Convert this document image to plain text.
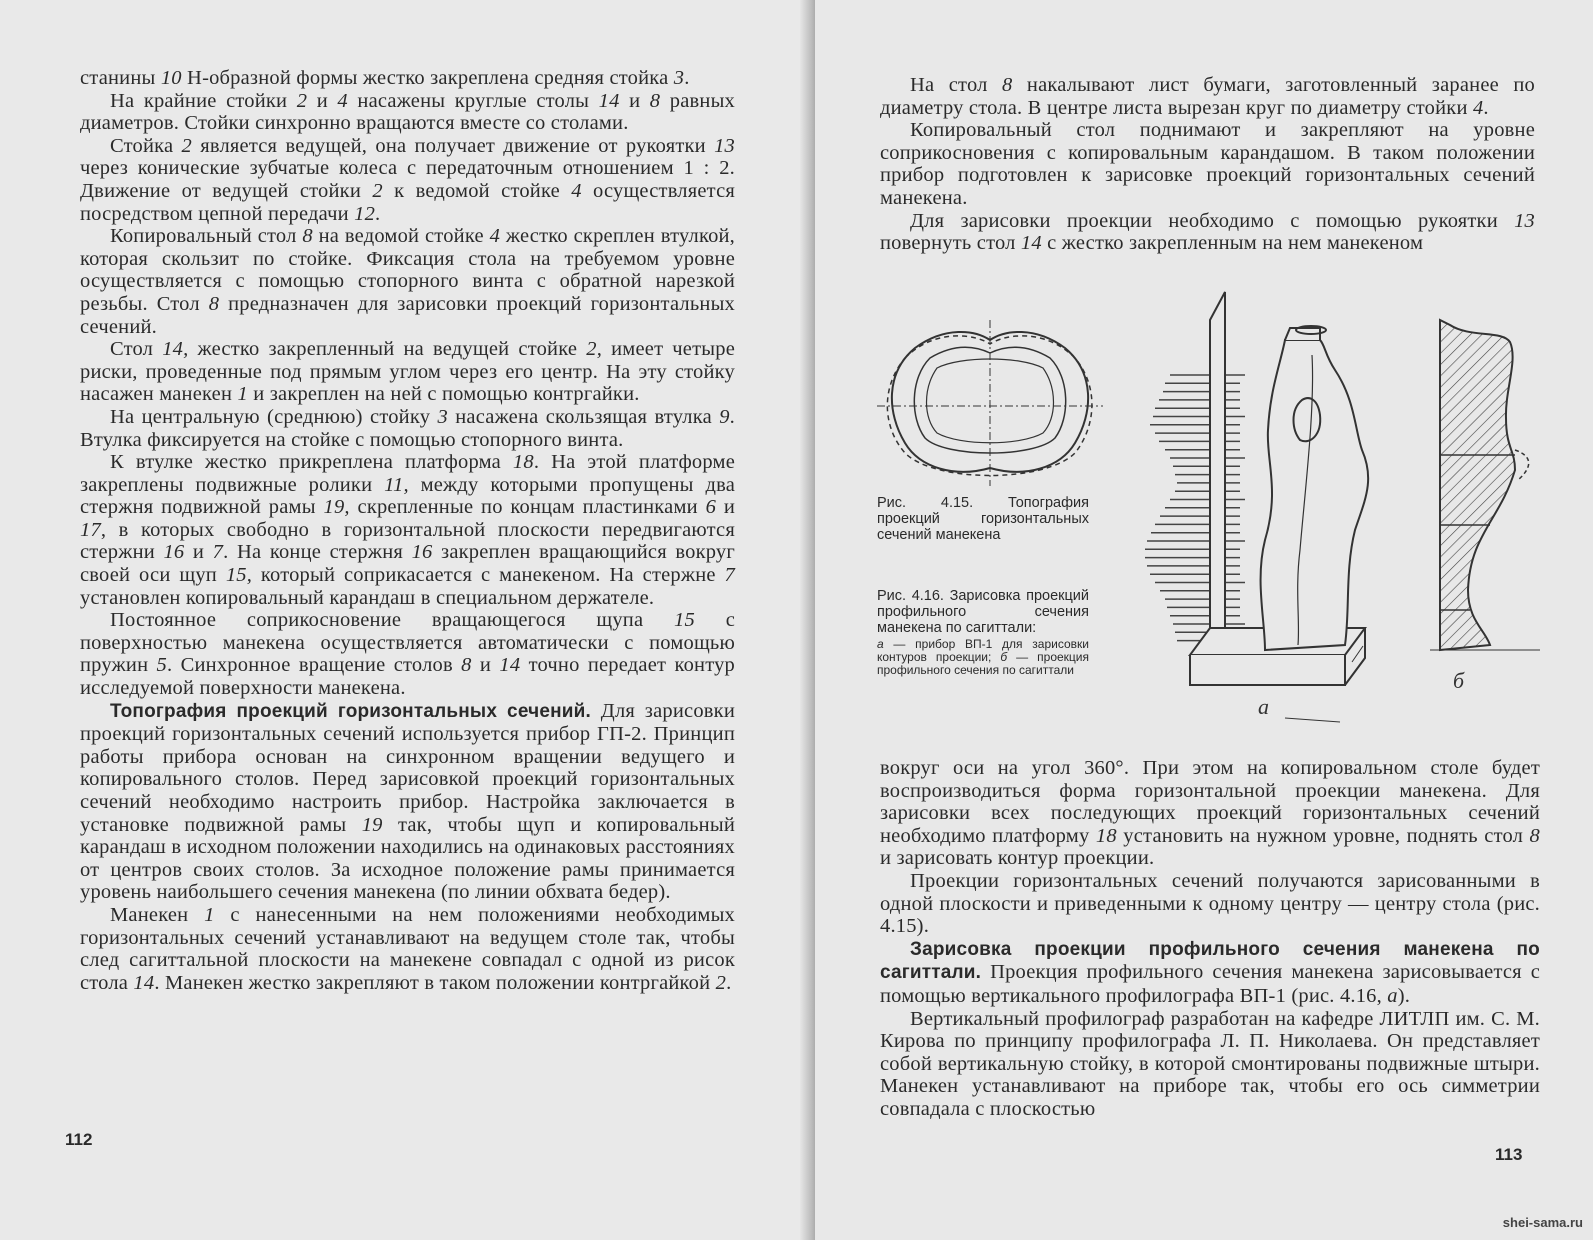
станины 10 Н-образной формы жестко закреплена средняя стойка 3.

На крайние стойки 2 и 4 насажены круглые столы 14 и 8 равных диаметров. Стойки синхронно вращаются вместе со столами.

Стойка 2 является ведущей, она получает движение от рукоятки 13 через конические зубчатые колеса с передаточным отношением 1 : 2. Движение от ведущей стойки 2 к ведомой стойке 4 осуществляется посредством цепной передачи 12.

Копировальный стол 8 на ведомой стойке 4 жестко скреплен втулкой, которая скользит по стойке. Фиксация стола на требуемом уровне осуществляется с помощью стопорного винта с обратной нарезкой резьбы. Стол 8 предназначен для зарисовки проекций горизонтальных сечений.

Стол 14, жестко закрепленный на ведущей стойке 2, имеет четыре риски, проведенные под прямым углом через его центр. На эту стойку насажен манекен 1 и закреплен на ней с помощью контргайки.

На центральную (среднюю) стойку 3 насажена скользящая втулка 9. Втулка фиксируется на стойке с помощью стопорного винта.

К втулке жестко прикреплена платформа 18. На этой платформе закреплены подвижные ролики 11, между которыми пропущены два стержня подвижной рамы 19, скрепленные по концам пластинками 6 и 17, в которых свободно в горизонтальной плоскости передвигаются стержни 16 и 7. На конце стержня 16 закреплен вращающийся вокруг своей оси щуп 15, который соприкасается с манекеном. На стержне 7 установлен копировальный карандаш в специальном держателе.

Постоянное соприкосновение вращающегося щупа 15 с поверхностью манекена осуществляется автоматически с помощью пружин 5. Синхронное вращение столов 8 и 14 точно передает контур исследуемой поверхности манекена.

Топография проекций горизонтальных сечений. Для зарисовки проекций горизонтальных сечений используется прибор ГП-2. Принцип работы прибора основан на синхронном вращении ведущего и копировального столов. Перед зарисовкой проекций горизонтальных сечений необходимо настроить прибор. Настройка заключается в установке подвижной рамы 19 так, чтобы щуп и копировальный карандаш в исходном положении находились на одинаковых расстояниях от центров своих столов. За исходное положение рамы принимается уровень наибольшего сечения манекена (по линии обхвата бедер).

Манекен 1 с нанесенными на нем положениями необходимых горизонтальных сечений устанавливают на ведущем столе так, чтобы след сагиттальной плоскости на манекене совпадал с одной из рисок стола 14. Манекен жестко закрепляют в таком положении контргайкой 2.

112

На стол 8 накалывают лист бумаги, заготовленный заранее по диаметру стола. В центре листа вырезан круг по диаметру стойки 4.

Копировальный стол поднимают и закрепляют на уровне соприкосновения с копировальным карандашом. В таком положении прибор подготовлен к зарисовке проекций горизонтальных сечений манекена.

Для зарисовки проекции необходимо с помощью рукоятки 13 повернуть стол 14 с жестко закрепленным на нем манекеном

а
б
Рис. 4.15. Топография проекций горизонтальных сечений манекена
Рис. 4.16. Зарисовка проекций профильного сечения манекена по сагиттали:
а — прибор ВП-1 для зарисовки контуров проекции; б — проекция профильного сечения по сагиттали

вокруг оси на угол 360°. При этом на копировальном столе будет воспроизводиться форма горизонтальной проекции манекена. Для зарисовки всех последующих проекций горизонтальных сечений необходимо платформу 18 установить на нужном уровне, поднять стол 8 и зарисовать контур проекции.

Проекции горизонтальных сечений получаются зарисованными в одной плоскости и приведенными к одному центру — центру стола (рис. 4.15).

Зарисовка проекции профильного сечения манекена по сагиттали. Проекция профильного сечения манекена зарисовывается с помощью вертикального профилографа ВП-1 (рис. 4.16, а).

Вертикальный профилограф разработан на кафедре ЛИТЛП им. С. М. Кирова по принципу профилографа Л. П. Николаева. Он представляет собой вертикальную стойку, в которой смонтированы подвижные штыри. Манекен устанавливают на приборе так, чтобы его ось симметрии совпадала с плоскостью

113
shei-sama.ru
